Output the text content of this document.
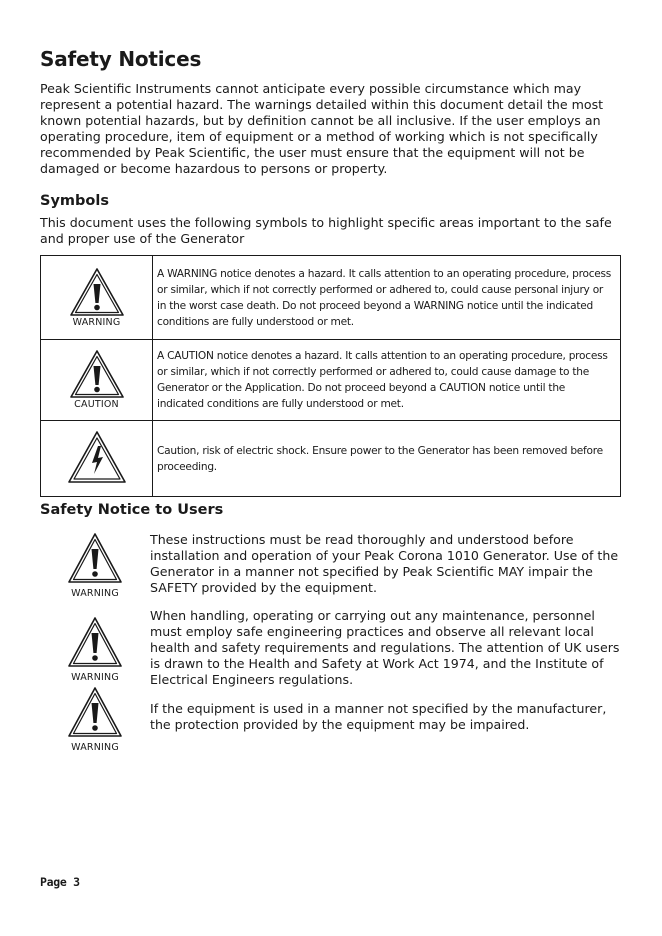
Safety Notices

Peak Scientific Instruments cannot anticipate every possible circumstance which may represent a potential hazard. The warnings detailed within this document detail the most known potential hazards, but by definition cannot be all inclusive. If the user employs an operating procedure, item of equipment or a method of working which is not specifically recommended by Peak Scientific, the user must ensure that the equipment will not be damaged or become hazardous to persons or property.

Symbols

This document uses the following symbols to highlight specific areas important to the safe and proper use of the Generator

WARNING	A WARNING notice denotes a hazard. It calls attention to an operating procedure, process or similar, which if not correctly performed or adhered to, could cause personal injury or in the worst case death. Do not proceed beyond a WARNING notice until the indicated conditions are fully understood or met.

CAUTION	A CAUTION notice denotes a hazard. It calls attention to an operating procedure, process or similar, which if not correctly performed or adhered to, could cause damage to the Generator or the Application. Do not proceed beyond a CAUTION notice until the indicated conditions are fully understood or met.

	Caution, risk of electric shock. Ensure power to the Generator has been removed before proceeding.
Safety Notice to Users
WARNING

These instructions must be read thoroughly and understood before installation and operation of your Peak Corona 1010 Generator. Use of the Generator in a manner not specified by Peak Scientific MAY impair the SAFETY provided by the equipment.

WARNING

When handling, operating or carrying out any maintenance, personnel must employ safe engineering practices and observe all relevant local health and safety requirements and regulations. The attention of UK users is drawn to the Health and Safety at Work Act 1974, and the Institute of Electrical Engineers regulations.

WARNING

If the equipment is used in a manner not specified by the manufacturer, the protection provided by the equipment may be impaired.

Page 3
